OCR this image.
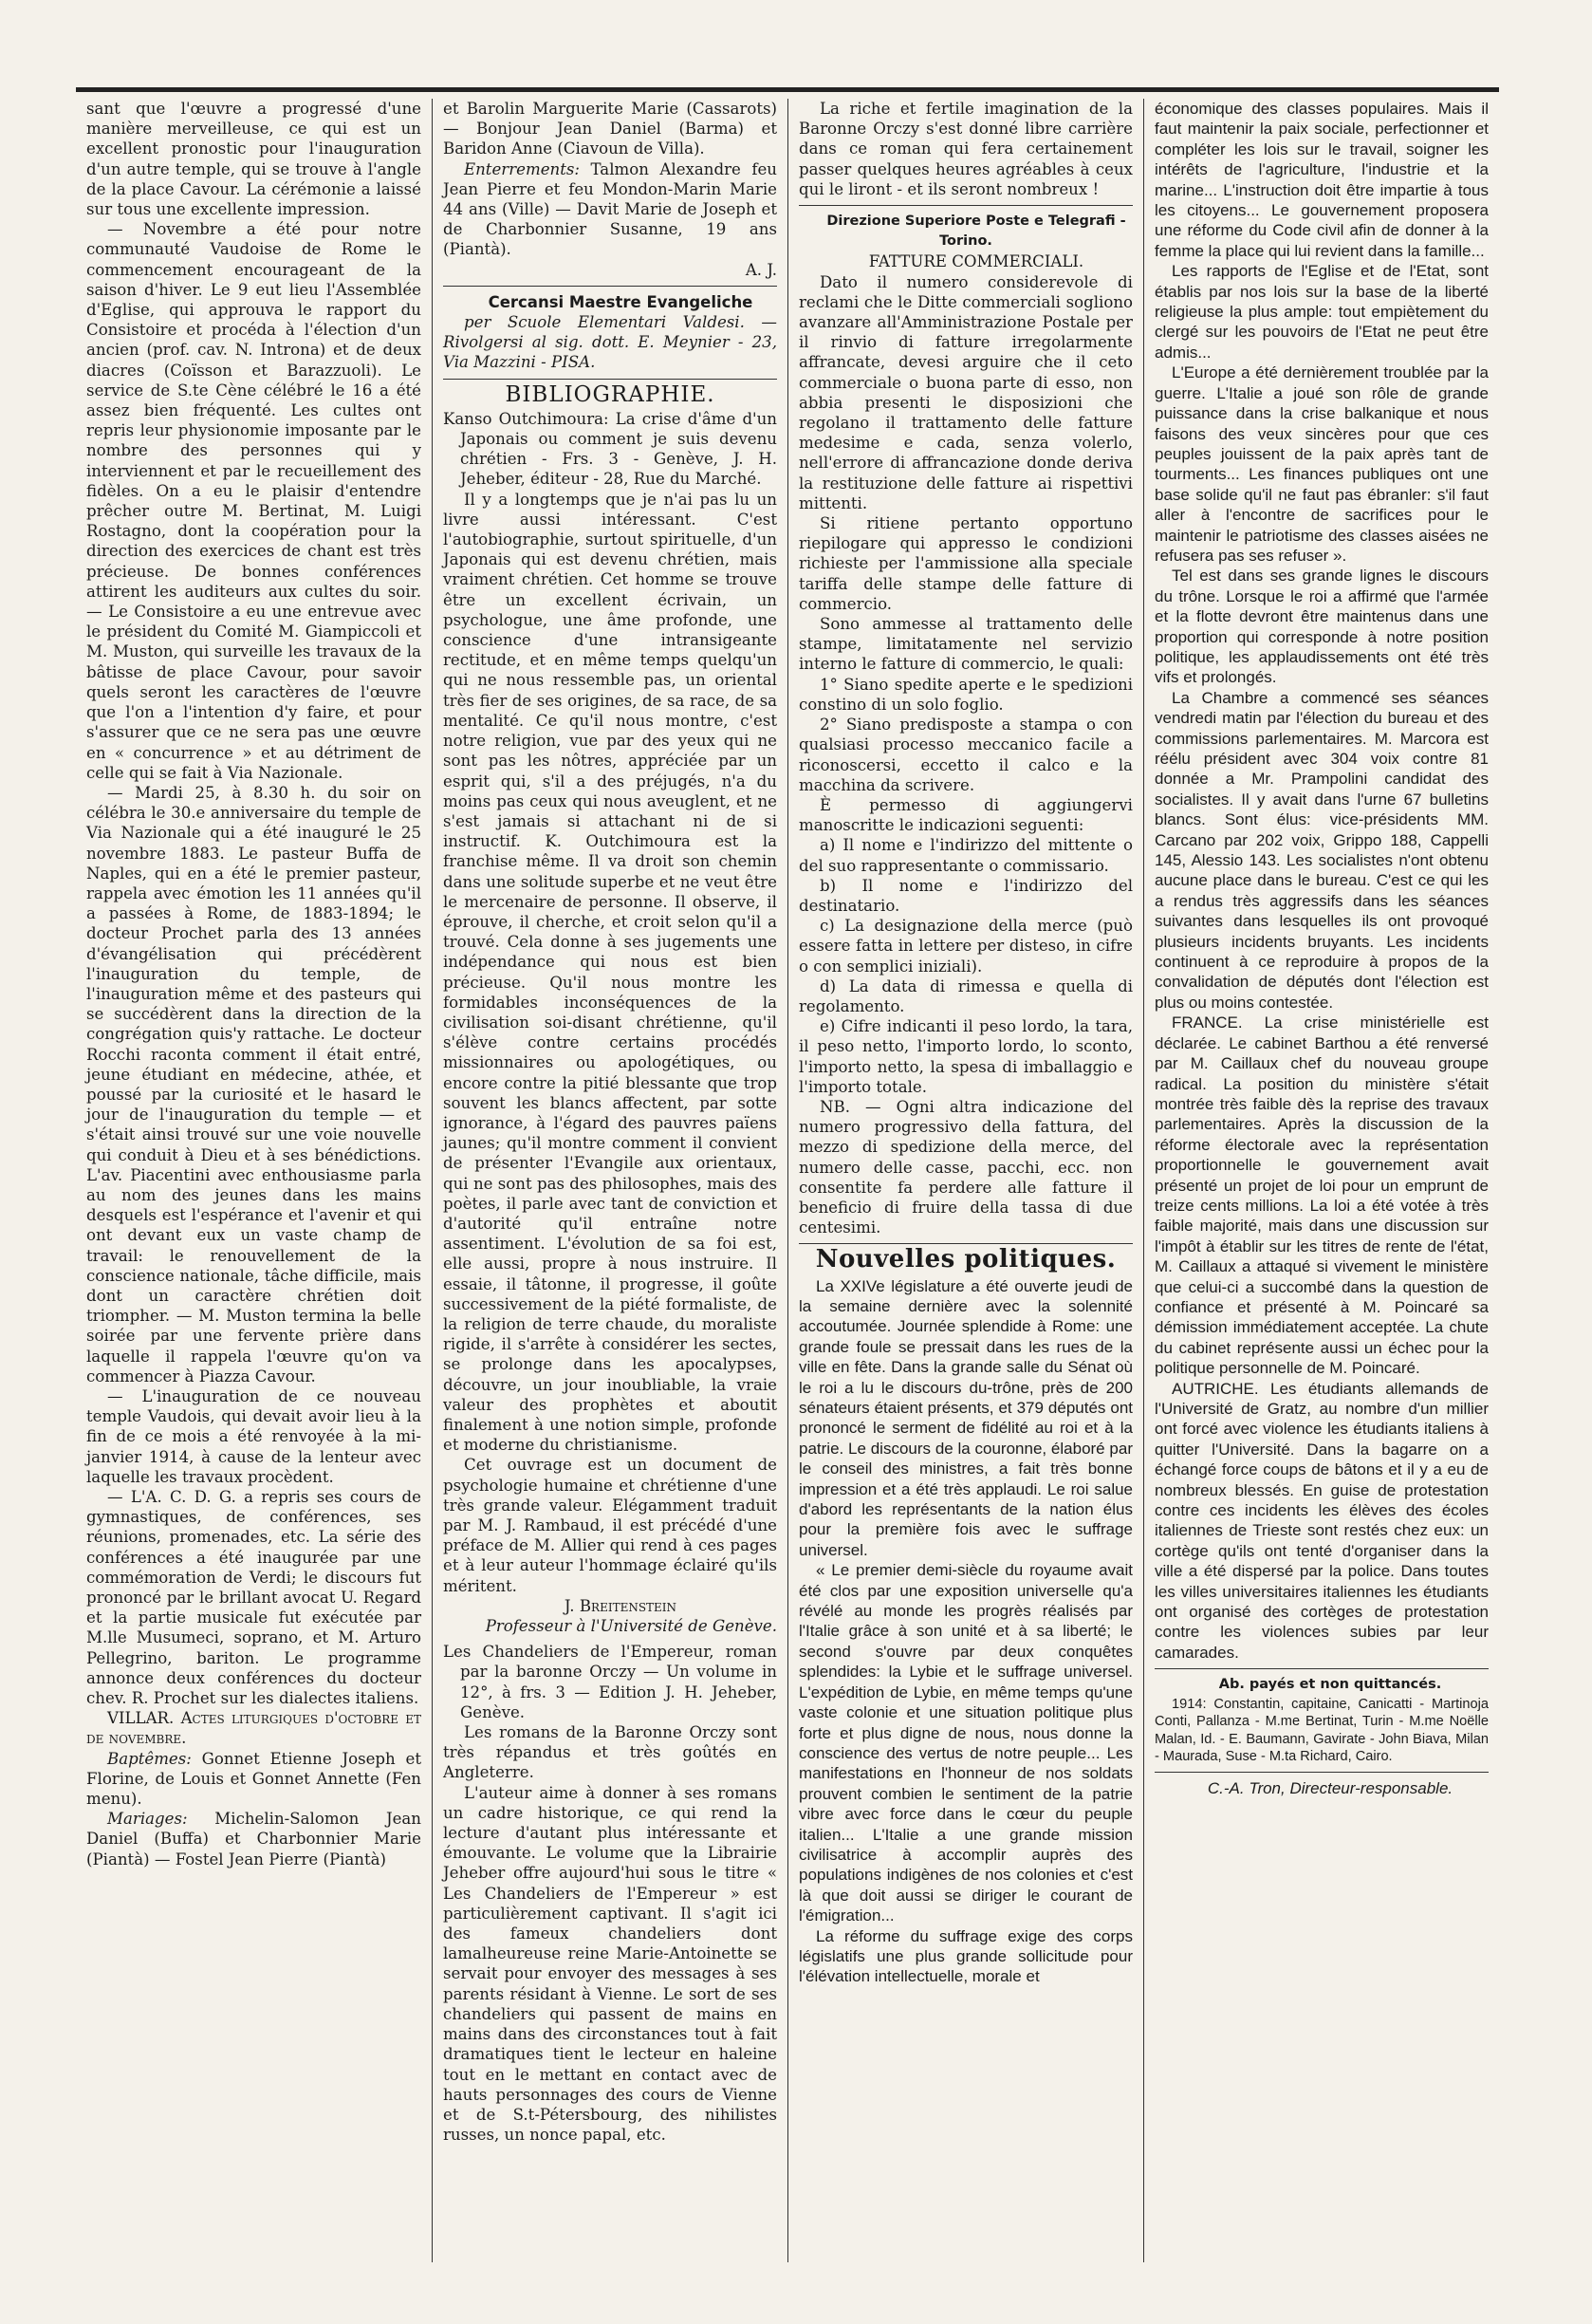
sant que l'œuvre a progressé d'une manière merveilleuse, ce qui est un excellent pronostic pour l'inauguration d'un autre temple, qui se trouve à l'angle de la place Cavour. La cérémonie a laissé sur tous une excellente impression.

— Novembre a été pour notre communauté Vaudoise de Rome le commencement encourageant de la saison d'hiver. Le 9 eut lieu l'Assemblée d'Eglise, qui approuva le rapport du Consistoire et procéda à l'élection d'un ancien (prof. cav. N. Introna) et de deux diacres (Coïsson et Barazzuoli). Le service de S.te Cène célébré le 16 a été assez bien fréquenté. Les cultes ont repris leur physionomie imposante par le nombre des personnes qui y interviennent et par le recueillement des fidèles. On a eu le plaisir d'entendre prêcher outre M. Bertinat, M. Luigi Rostagno, dont la coopération pour la direction des exercices de chant est très précieuse. De bonnes conférences attirent les auditeurs aux cultes du soir. — Le Consistoire a eu une entrevue avec le président du Comité M. Giampiccoli et M. Muston, qui surveille les travaux de la bâtisse de place Cavour, pour savoir quels seront les caractères de l'œuvre que l'on a l'intention d'y faire, et pour s'assurer que ce ne sera pas une œuvre en « concurrence » et au détriment de celle qui se fait à Via Nazionale.

— Mardi 25, à 8.30 h. du soir on célébra le 30.e anniversaire du temple de Via Nazionale qui a été inauguré le 25 novembre 1883. Le pasteur Buffa de Naples, qui en a été le premier pasteur, rappela avec émotion les 11 années qu'il a passées à Rome, de 1883-1894; le docteur Prochet parla des 13 années d'évangélisation qui précédèrent l'inauguration du temple, de l'inauguration même et des pasteurs qui se succédèrent dans la direction de la congrégation quis'y rattache. Le docteur Rocchi raconta comment il était entré, jeune étudiant en médecine, athée, et poussé par la curiosité et le hasard le jour de l'inauguration du temple — et s'était ainsi trouvé sur une voie nouvelle qui conduit à Dieu et à ses bénédictions. L'av. Piacentini avec enthousiasme parla au nom des jeunes dans les mains desquels est l'espérance et l'avenir et qui ont devant eux un vaste champ de travail: le renouvellement de la conscience nationale, tâche difficile, mais dont un caractère chrétien doit triompher. — M. Muston termina la belle soirée par une fervente prière dans laquelle il rappela l'œuvre qu'on va commencer à Piazza Cavour.

— L'inauguration de ce nouveau temple Vaudois, qui devait avoir lieu à la fin de ce mois a été renvoyée à la mi-janvier 1914, à cause de la lenteur avec laquelle les travaux procèdent.

— L'A. C. D. G. a repris ses cours de gymnastiques, de conférences, ses réunions, promenades, etc. La série des conférences a été inaugurée par une commémoration de Verdi; le discours fut prononcé par le brillant avocat U. Regard et la partie musicale fut exécutée par M.lle Musumeci, soprano, et M. Arturo Pellegrino, bariton. Le programme annonce deux conférences du docteur chev. R. Prochet sur les dialectes italiens.

VILLAR. Actes liturgiques d'octobre et de novembre.

Baptêmes: Gonnet Etienne Joseph et Florine, de Louis et Gonnet Annette (Fen menu).

Mariages: Michelin-Salomon Jean Daniel (Buffa) et Charbonnier Marie (Piantà) — Fostel Jean Pierre (Piantà)

et Barolin Marguerite Marie (Cassarots) — Bonjour Jean Daniel (Barma) et Baridon Anne (Ciavoun de Villa).

Enterrements: Talmon Alexandre feu Jean Pierre et feu Mondon-Marin Marie 44 ans (Ville) — Davit Marie de Joseph et de Charbonnier Susanne, 19 ans (Piantà).

A. J.

Cercansi Maestre Evangeliche

per Scuole Elementari Valdesi. — Rivolgersi al sig. dott. E. Meynier - 23, Via Mazzini - PISA.

BIBLIOGRAPHIE.

Kanso Outchimoura: La crise d'âme d'un Japonais ou comment je suis devenu chrétien - Frs. 3 - Genève, J. H. Jeheber, éditeur - 28, Rue du Marché.

Il y a longtemps que je n'ai pas lu un livre aussi intéressant. C'est l'autobiographie, surtout spirituelle, d'un Japonais qui est devenu chrétien, mais vraiment chrétien. Cet homme se trouve être un excellent écrivain, un psychologue, une âme profonde, une conscience d'une intransigeante rectitude, et en même temps quelqu'un qui ne nous ressemble pas, un oriental très fier de ses origines, de sa race, de sa mentalité. Ce qu'il nous montre, c'est notre religion, vue par des yeux qui ne sont pas les nôtres, appréciée par un esprit qui, s'il a des préjugés, n'a du moins pas ceux qui nous aveuglent, et ne s'est jamais si attachant ni de si instructif. K. Outchimoura est la franchise même. Il va droit son chemin dans une solitude superbe et ne veut être le mercenaire de personne. Il observe, il éprouve, il cherche, et croit selon qu'il a trouvé. Cela donne à ses jugements une indépendance qui nous est bien précieuse. Qu'il nous montre les formidables inconséquences de la civilisation soi-disant chrétienne, qu'il s'élève contre certains procédés missionnaires ou apologétiques, ou encore contre la pitié blessante que trop souvent les blancs affectent, par sotte ignorance, à l'égard des pauvres païens jaunes; qu'il montre comment il convient de présenter l'Evangile aux orientaux, qui ne sont pas des philosophes, mais des poètes, il parle avec tant de conviction et d'autorité qu'il entraîne notre assentiment. L'évolution de sa foi est, elle aussi, propre à nous instruire. Il essaie, il tâtonne, il progresse, il goûte successivement de la piété formaliste, de la religion de terre chaude, du moraliste rigide, il s'arrête à considérer les sectes, se prolonge dans les apocalypses, découvre, un jour inoubliable, la vraie valeur des prophètes et aboutit finalement à une notion simple, profonde et moderne du christianisme.

Cet ouvrage est un document de psychologie humaine et chrétienne d'une très grande valeur. Elégamment traduit par M. J. Rambaud, il est précédé d'une préface de M. Allier qui rend à ces pages et à leur auteur l'hommage éclairé qu'ils méritent.

J. Breitenstein

Professeur à l'Université de Genève.

Les Chandeliers de l'Empereur, roman par la baronne Orczy — Un volume in 12°, à frs. 3 — Edition J. H. Jeheber, Genève.

Les romans de la Baronne Orczy sont très répandus et très goûtés en Angleterre.

L'auteur aime à donner à ses romans un cadre historique, ce qui rend la lecture d'autant plus intéressante et émouvante. Le volume que la Librairie Jeheber offre aujourd'hui sous le titre « Les Chandeliers de l'Empereur » est particulièrement captivant. Il s'agit ici des fameux chandeliers dont lamalheureuse reine Marie-Antoinette se servait pour envoyer des messages à ses parents résidant à Vienne. Le sort de ses chandeliers qui passent de mains en mains dans des circonstances tout à fait dramatiques tient le lecteur en haleine tout en le mettant en contact avec de hauts personnages des cours de Vienne et de S.t-Pétersbourg, des nihilistes russes, un nonce papal, etc.

La riche et fertile imagination de la Baronne Orczy s'est donné libre carrière dans ce roman qui fera certainement passer quelques heures agréables à ceux qui le liront - et ils seront nombreux !

Direzione Superiore Poste e Telegrafi - Torino.

FATTURE COMMERCIALI.

Dato il numero considerevole di reclami che le Ditte commerciali sogliono avanzare all'Amministrazione Postale per il rinvio di fatture irregolarmente affrancate, devesi arguire che il ceto commerciale o buona parte di esso, non abbia presenti le disposizioni che regolano il trattamento delle fatture medesime e cada, senza volerlo, nell'errore di affrancazione donde deriva la restituzione delle fatture ai rispettivi mittenti.

Si ritiene pertanto opportuno riepilogare qui appresso le condizioni richieste per l'ammissione alla speciale tariffa delle stampe delle fatture di commercio.

Sono ammesse al trattamento delle stampe, limitatamente nel servizio interno le fatture di commercio, le quali:

1° Siano spedite aperte e le spedizioni constino di un solo foglio.

2° Siano predisposte a stampa o con qualsiasi processo meccanico facile a riconoscersi, eccetto il calco e la macchina da scrivere.

È permesso di aggiungervi manoscritte le indicazioni seguenti:

a) Il nome e l'indirizzo del mittente o del suo rappresentante o commissario.

b) Il nome e l'indirizzo del destinatario.

c) La designazione della merce (può essere fatta in lettere per disteso, in cifre o con semplici iniziali).

d) La data di rimessa e quella di regolamento.

e) Cifre indicanti il peso lordo, la tara, il peso netto, l'importo lordo, lo sconto, l'importo netto, la spesa di imballaggio e l'importo totale.

NB. — Ogni altra indicazione del numero progressivo della fattura, del mezzo di spedizione della merce, del numero delle casse, pacchi, ecc. non consentite fa perdere alle fatture il beneficio di fruire della tassa di due centesimi.

Nouvelles politiques.

La XXIVe législature a été ouverte jeudi de la semaine dernière avec la solennité accoutumée. Journée splendide à Rome: une grande foule se pressait dans les rues de la ville en fête. Dans la grande salle du Sénat où le roi a lu le discours du-trône, près de 200 sénateurs étaient présents, et 379 députés ont prononcé le serment de fidélité au roi et à la patrie. Le discours de la couronne, élaboré par le conseil des ministres, a fait très bonne impression et a été très applaudi. Le roi salue d'abord les représentants de la nation élus pour la première fois avec le suffrage universel.

« Le premier demi-siècle du royaume avait été clos par une exposition universelle qu'a révélé au monde les progrès réalisés par l'Italie grâce à son unité et à sa liberté; le second s'ouvre par deux conquêtes splendides: la Lybie et le suffrage universel. L'expédition de Lybie, en même temps qu'une vaste colonie et une situation politique plus forte et plus digne de nous, nous donne la conscience des vertus de notre peuple... Les manifestations en l'honneur de nos soldats prouvent combien le sentiment de la patrie vibre avec force dans le cœur du peuple italien... L'Italie a une grande mission civilisatrice à accomplir auprès des populations indigènes de nos colonies et c'est là que doit aussi se diriger le courant de l'émigration...

La réforme du suffrage exige des corps législatifs une plus grande sollicitude pour l'élévation intellectuelle, morale et

économique des classes populaires. Mais il faut maintenir la paix sociale, perfectionner et compléter les lois sur le travail, soigner les intérêts de l'agriculture, l'industrie et la marine... L'instruction doit être impartie à tous les citoyens... Le gouvernement proposera une réforme du Code civil afin de donner à la femme la place qui lui revient dans la famille...

Les rapports de l'Eglise et de l'Etat, sont établis par nos lois sur la base de la liberté religieuse la plus ample: tout empiètement du clergé sur les pouvoirs de l'Etat ne peut être admis...

L'Europe a été dernièrement troublée par la guerre. L'Italie a joué son rôle de grande puissance dans la crise balkanique et nous faisons des veux sincères pour que ces peuples jouissent de la paix après tant de tourments... Les finances publiques ont une base solide qu'il ne faut pas ébranler: s'il faut aller à l'encontre de sacrifices pour le maintenir le patriotisme des classes aisées ne refusera pas ses refuser ».

Tel est dans ses grande lignes le discours du trône. Lorsque le roi a affirmé que l'armée et la flotte devront être maintenus dans une proportion qui corresponde à notre position politique, les applaudissements ont été très vifs et prolongés.

La Chambre a commencé ses séances vendredi matin par l'élection du bureau et des commissions parlementaires. M. Marcora est réélu président avec 304 voix contre 81 donnée a Mr. Prampolini candidat des socialistes. Il y avait dans l'urne 67 bulletins blancs. Sont élus: vice-présidents MM. Carcano par 202 voix, Grippo 188, Cappelli 145, Alessio 143. Les socialistes n'ont obtenu aucune place dans le bureau. C'est ce qui les a rendus très aggressifs dans les séances suivantes dans lesquelles ils ont provoqué plusieurs incidents bruyants. Les incidents continuent à ce reproduire à propos de la convalidation de députés dont l'élection est plus ou moins contestée.

FRANCE. La crise ministérielle est déclarée. Le cabinet Barthou a été renversé par M. Caillaux chef du nouveau groupe radical. La position du ministère s'était montrée très faible dès la reprise des travaux parlementaires. Après la discussion de la réforme électorale avec la représentation proportionnelle le gouvernement avait présenté un projet de loi pour un emprunt de treize cents millions. La loi a été votée à très faible majorité, mais dans une discussion sur l'impôt à établir sur les titres de rente de l'état, M. Caillaux a attaqué si vivement le ministère que celui-ci a succombé dans la question de confiance et présenté à M. Poincaré sa démission immédiatement acceptée. La chute du cabinet représente aussi un échec pour la politique personnelle de M. Poincaré.

AUTRICHE. Les étudiants allemands de l'Université de Gratz, au nombre d'un millier ont forcé avec violence les étudiants italiens à quitter l'Université. Dans la bagarre on a échangé force coups de bâtons et il y a eu de nombreux blessés. En guise de protestation contre ces incidents les élèves des écoles italiennes de Trieste sont restés chez eux: un cortège qu'ils ont tenté d'organiser dans la ville a été dispersé par la police. Dans toutes les villes universitaires italiennes les étudiants ont organisé des cortèges de protestation contre les violences subies par leur camarades.

Ab. payés et non quittancés.

1914: Constantin, capitaine, Canicatti - Martinoja Conti, Pallanza - M.me Bertinat, Turin - M.me Noëlle Malan, Id. - E. Baumann, Gavirate - John Biava, Milan - Maurada, Suse - M.ta Richard, Cairo.

C.-A. Tron, Directeur-responsable.
